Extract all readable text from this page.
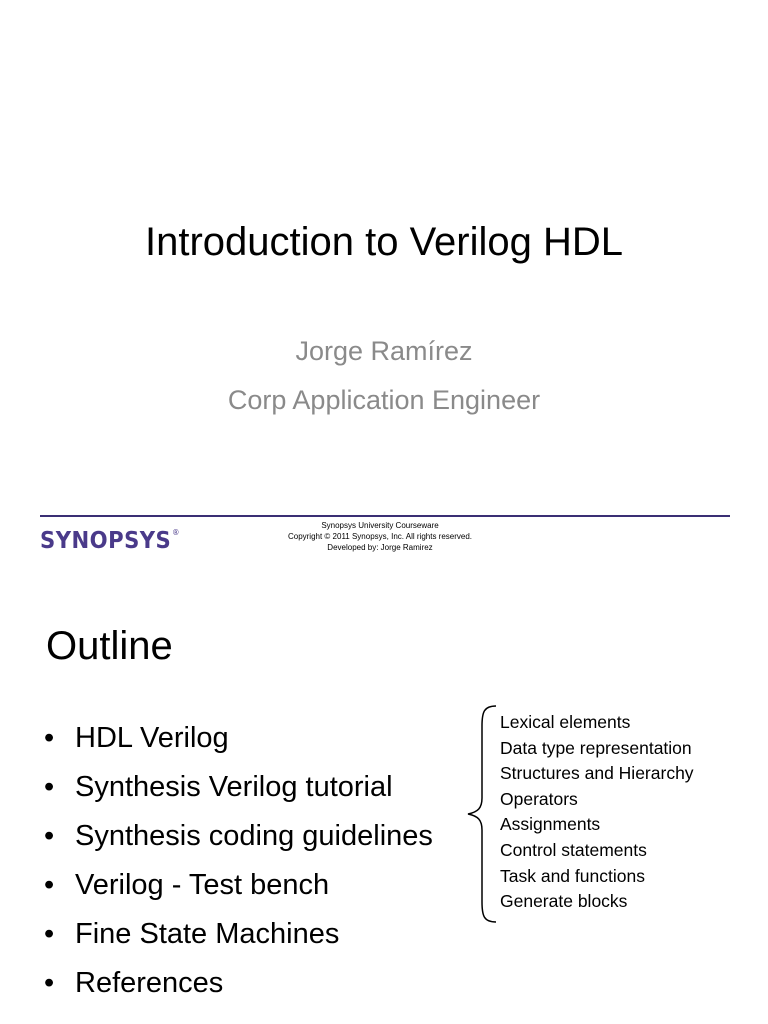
Introduction to Verilog HDL
Jorge Ramírez
Corp Application Engineer
SYNOPSYS®
Synopsys University Courseware
Copyright © 2011 Synopsys, Inc. All rights reserved.
Developed by: Jorge Ramirez
Outline
• HDL Verilog
• Synthesis Verilog tutorial
• Synthesis coding guidelines
• Verilog - Test bench
• Fine State Machines
• References
Lexical elements
Data type representation
Structures and Hierarchy
Operators
Assignments
Control statements
Task and functions
Generate blocks
